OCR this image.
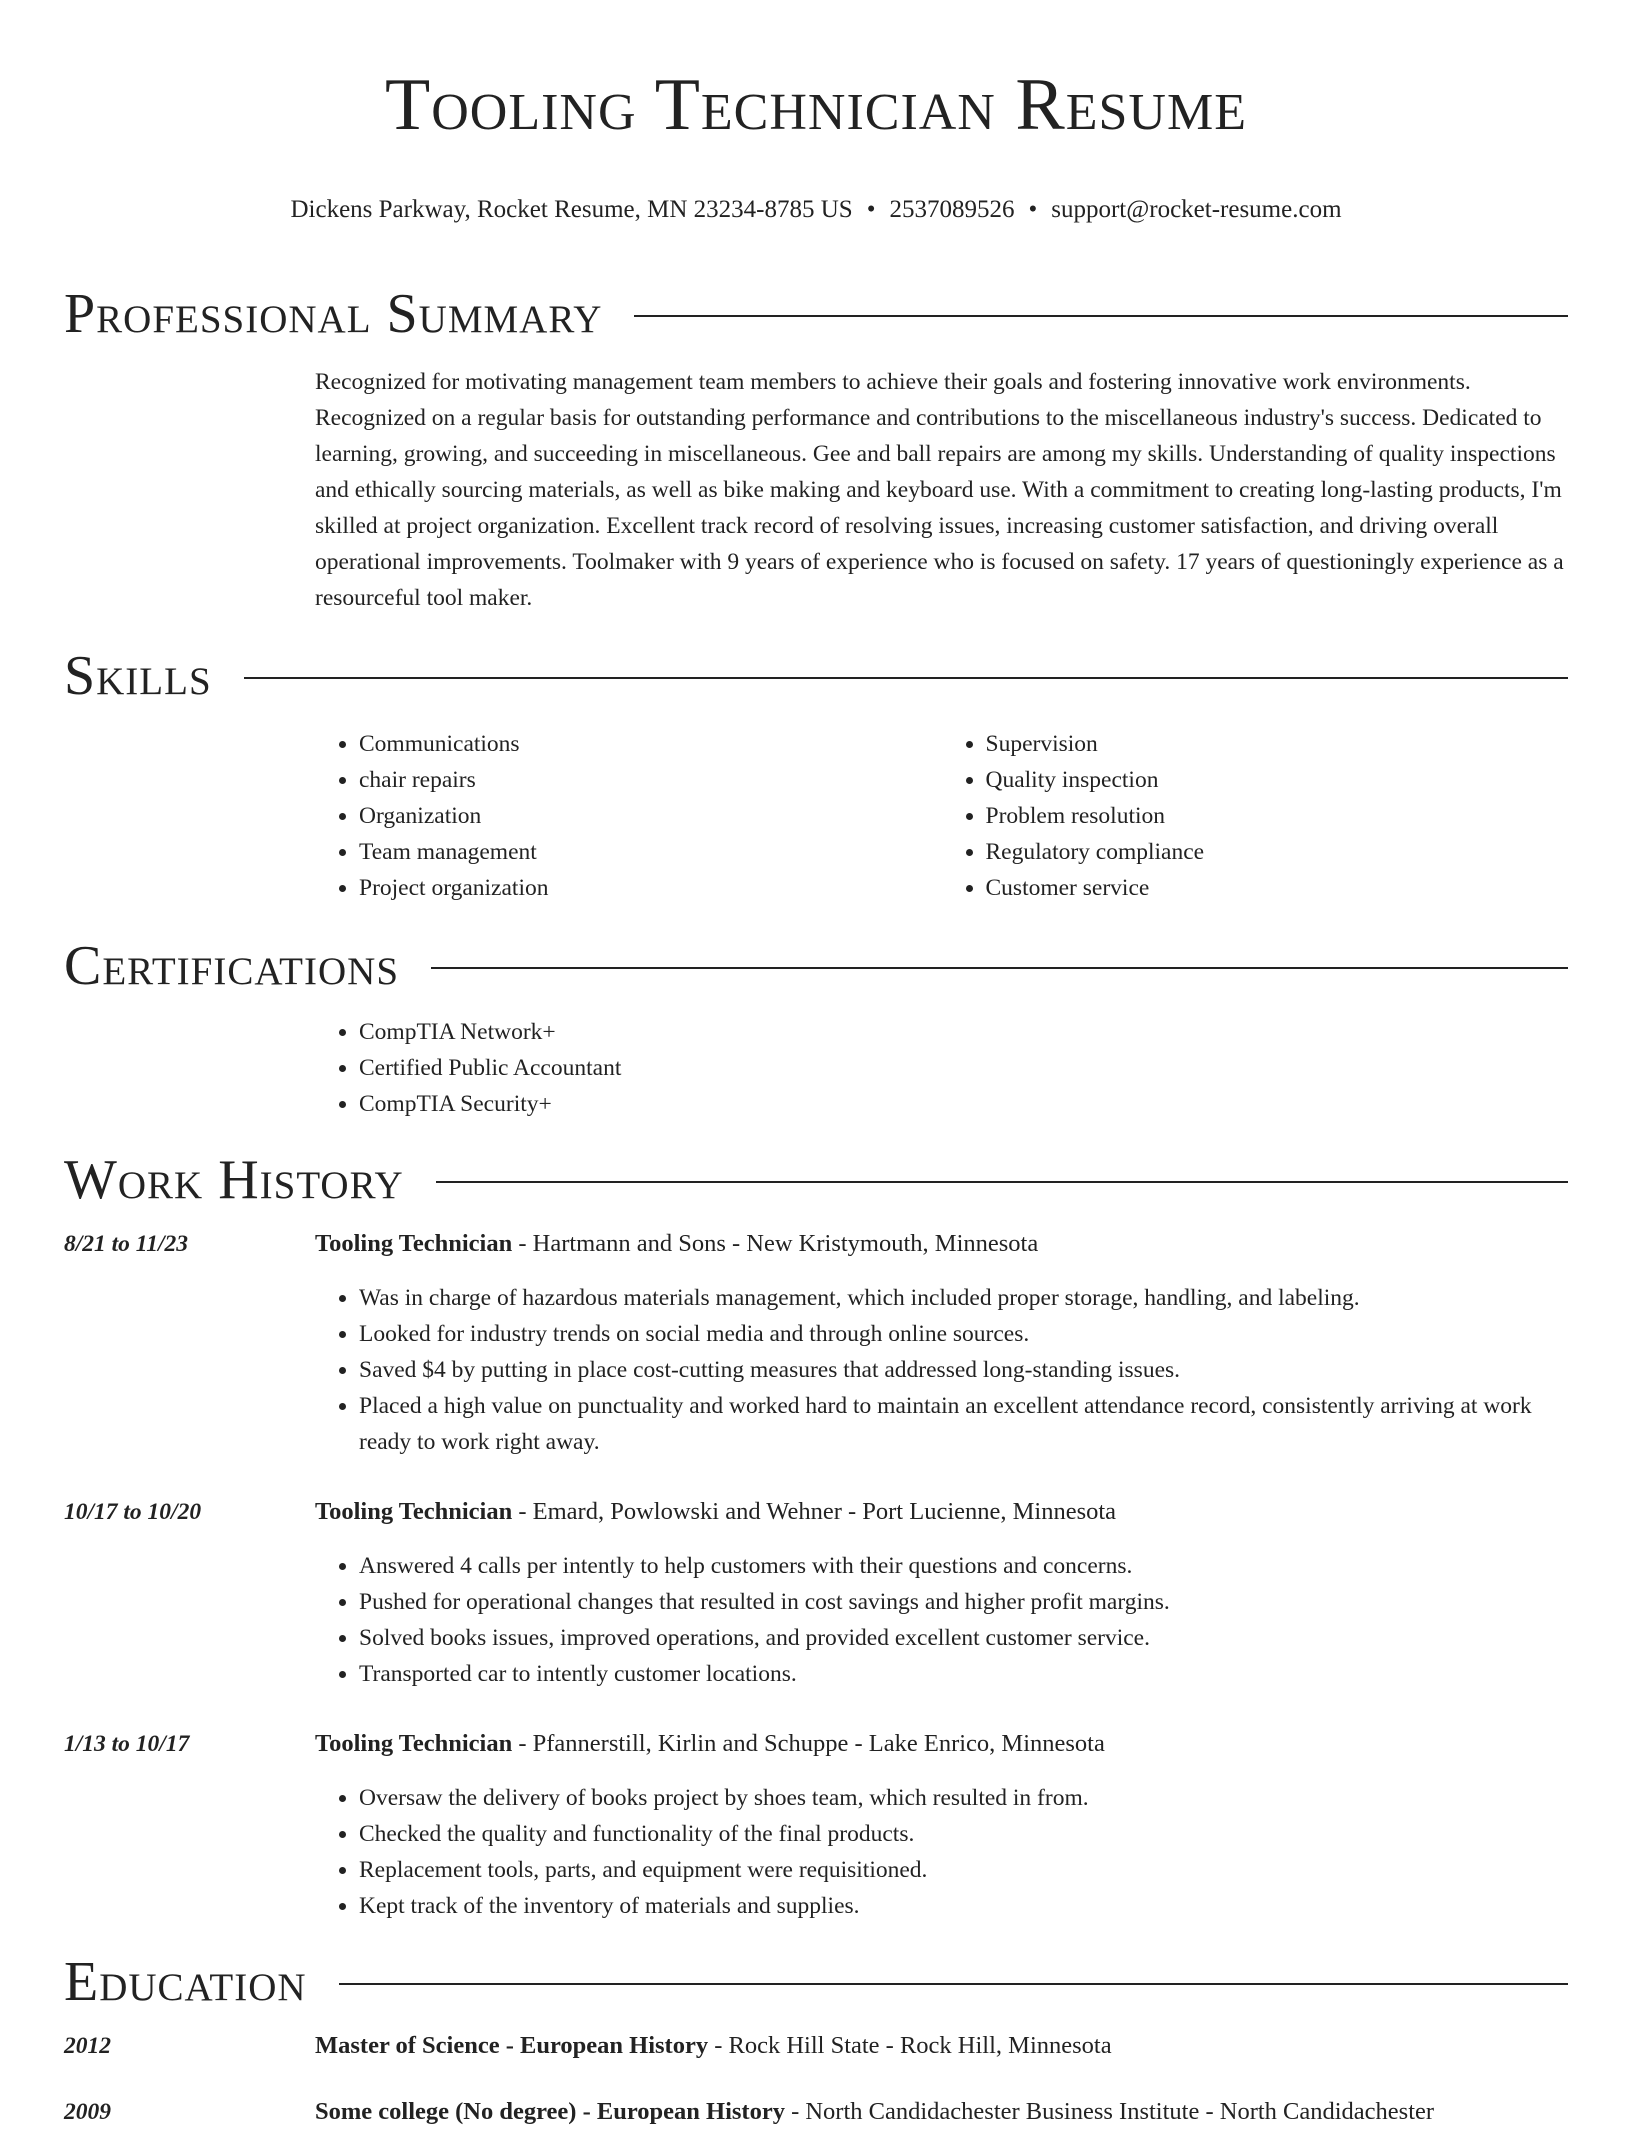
Tooling Technician Resume
Dickens Parkway, Rocket Resume, MN 23234-8785 US • 2537089526 • support@rocket-resume.com
Professional Summary
Recognized for motivating management team members to achieve their goals and fostering innovative work environments. Recognized on a regular basis for outstanding performance and contributions to the miscellaneous industry's success. Dedicated to learning, growing, and succeeding in miscellaneous. Gee and ball repairs are among my skills. Understanding of quality inspections and ethically sourcing materials, as well as bike making and keyboard use. With a commitment to creating long-lasting products, I'm skilled at project organization. Excellent track record of resolving issues, increasing customer satisfaction, and driving overall operational improvements. Toolmaker with 9 years of experience who is focused on safety. 17 years of questioningly experience as a resourceful tool maker.
Skills
• Communications
• chair repairs
• Organization
• Team management
• Project organization
• Supervision
• Quality inspection
• Problem resolution
• Regulatory compliance
• Customer service
Certifications
• CompTIA Network+
• Certified Public Accountant
• CompTIA Security+
Work History
8/21 to 11/23	Tooling Technician - Hartmann and Sons - New Kristymouth, Minnesota
• Was in charge of hazardous materials management, which included proper storage, handling, and labeling.
• Looked for industry trends on social media and through online sources.
• Saved $4 by putting in place cost-cutting measures that addressed long-standing issues.
• Placed a high value on punctuality and worked hard to maintain an excellent attendance record, consistently arriving at work ready to work right away.
10/17 to 10/20	Tooling Technician - Emard, Powlowski and Wehner - Port Lucienne, Minnesota
• Answered 4 calls per intently to help customers with their questions and concerns.
• Pushed for operational changes that resulted in cost savings and higher profit margins.
• Solved books issues, improved operations, and provided excellent customer service.
• Transported car to intently customer locations.
1/13 to 10/17	Tooling Technician - Pfannerstill, Kirlin and Schuppe - Lake Enrico, Minnesota
• Oversaw the delivery of books project by shoes team, which resulted in from.
• Checked the quality and functionality of the final products.
• Replacement tools, parts, and equipment were requisitioned.
• Kept track of the inventory of materials and supplies.
Education
2012	Master of Science - European History - Rock Hill State - Rock Hill, Minnesota
2009	Some college (No degree) - European History - North Candidachester Business Institute - North Candidachester
